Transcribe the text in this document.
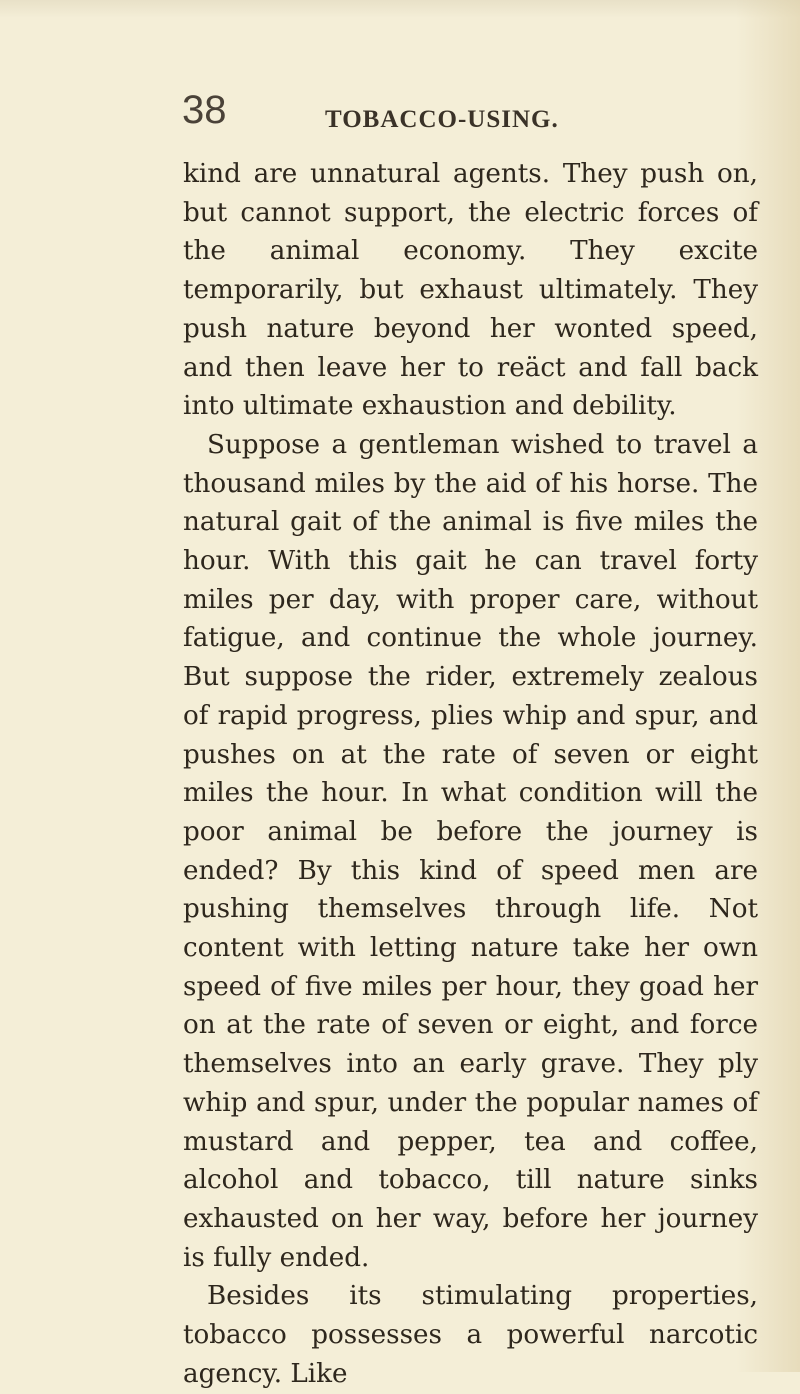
38	TOBACCO-USING.

kind are unnatural agents. They push on, but cannot support, the electric forces of the animal economy. They excite temporarily, but exhaust ultimately. They push nature beyond her wonted speed, and then leave her to reäct and fall back into ultimate exhaustion and debility.

Suppose a gentleman wished to travel a thousand miles by the aid of his horse. The natural gait of the animal is five miles the hour. With this gait he can travel forty miles per day, with proper care, without fatigue, and continue the whole journey. But suppose the rider, extremely zealous of rapid progress, plies whip and spur, and pushes on at the rate of seven or eight miles the hour. In what condition will the poor animal be before the journey is ended? By this kind of speed men are pushing themselves through life. Not content with letting nature take her own speed of five miles per hour, they goad her on at the rate of seven or eight, and force themselves into an early grave. They ply whip and spur, under the popular names of mustard and pepper, tea and coffee, alcohol and tobacco, till nature sinks exhausted on her way, before her journey is fully ended.

Besides its stimulating properties, tobacco possesses a powerful narcotic agency. Like
